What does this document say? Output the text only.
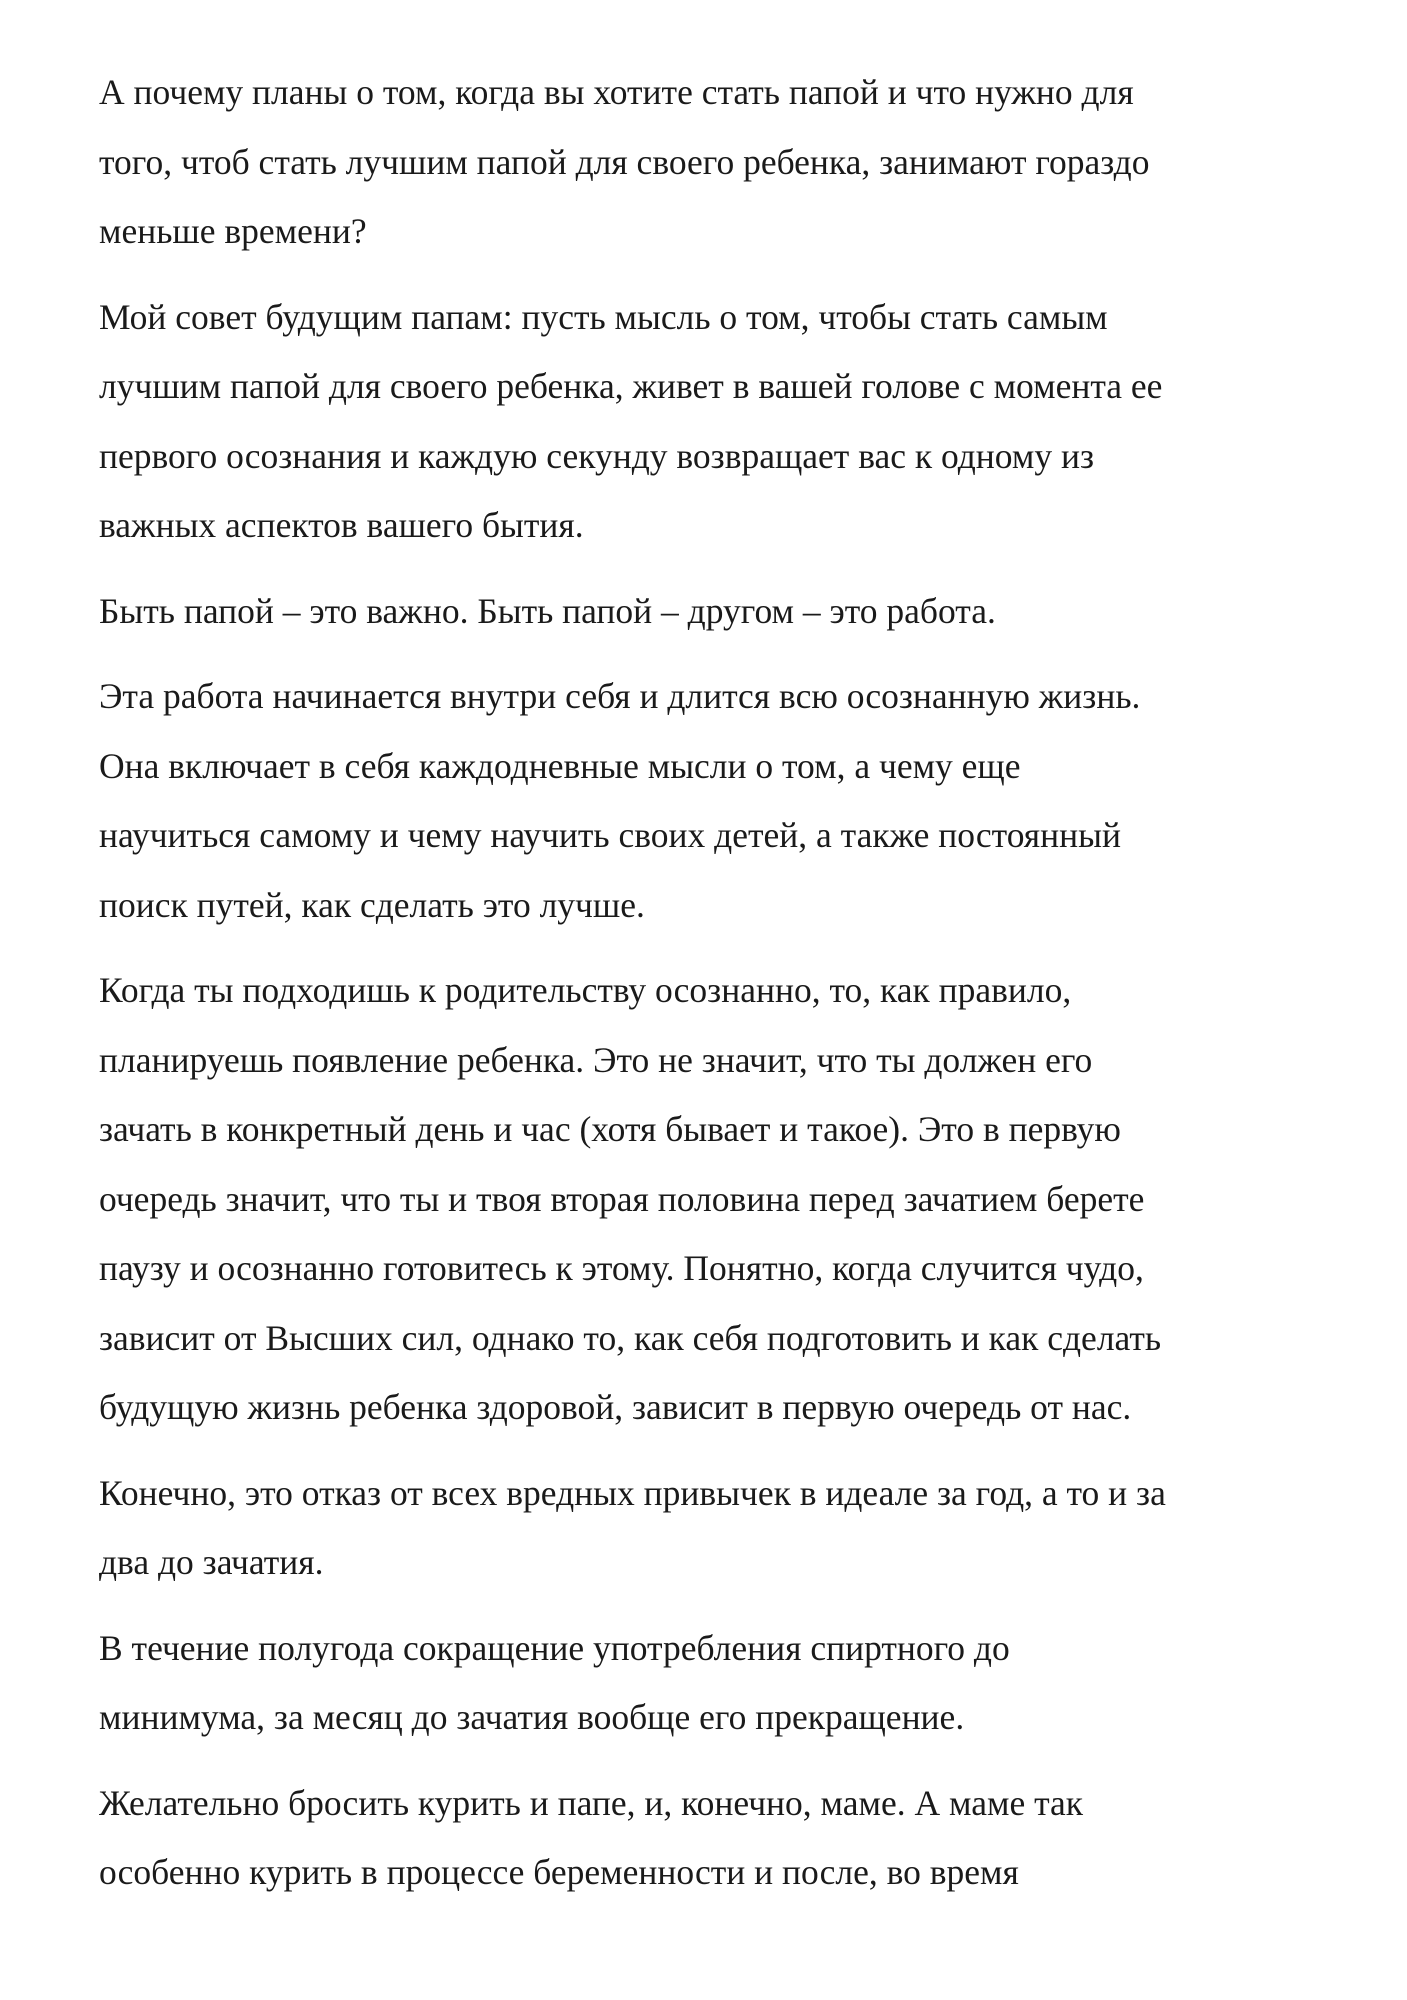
А почему планы о том, когда вы хотите стать папой и что нужно для
того, чтоб стать лучшим папой для своего ребенка, занимают гораздо
меньше времени?

Мой совет будущим папам: пусть мысль о том, чтобы стать самым
лучшим папой для своего ребенка, живет в вашей голове с момента ее
первого осознания и каждую секунду возвращает вас к одному из
важных аспектов вашего бытия.

Быть папой – это важно. Быть папой – другом – это работа.

Эта работа начинается внутри себя и длится всю осознанную жизнь.
Она включает в себя каждодневные мысли о том, а чему еще
научиться самому и чему научить своих детей, а также постоянный
поиск путей, как сделать это лучше.

Когда ты подходишь к родительству осознанно, то, как правило,
планируешь появление ребенка. Это не значит, что ты должен его
зачать в конкретный день и час (хотя бывает и такое). Это в первую
очередь значит, что ты и твоя вторая половина перед зачатием берете
паузу и осознанно готовитесь к этому. Понятно, когда случится чудо,
зависит от Высших сил, однако то, как себя подготовить и как сделать
будущую жизнь ребенка здоровой, зависит в первую очередь от нас.

Конечно, это отказ от всех вредных привычек в идеале за год, а то и за
два до зачатия.

В течение полугода сокращение употребления спиртного до
минимума, за месяц до зачатия вообще его прекращение.

Желательно бросить курить и папе, и, конечно, маме. А маме так
особенно курить в процессе беременности и после, во время
